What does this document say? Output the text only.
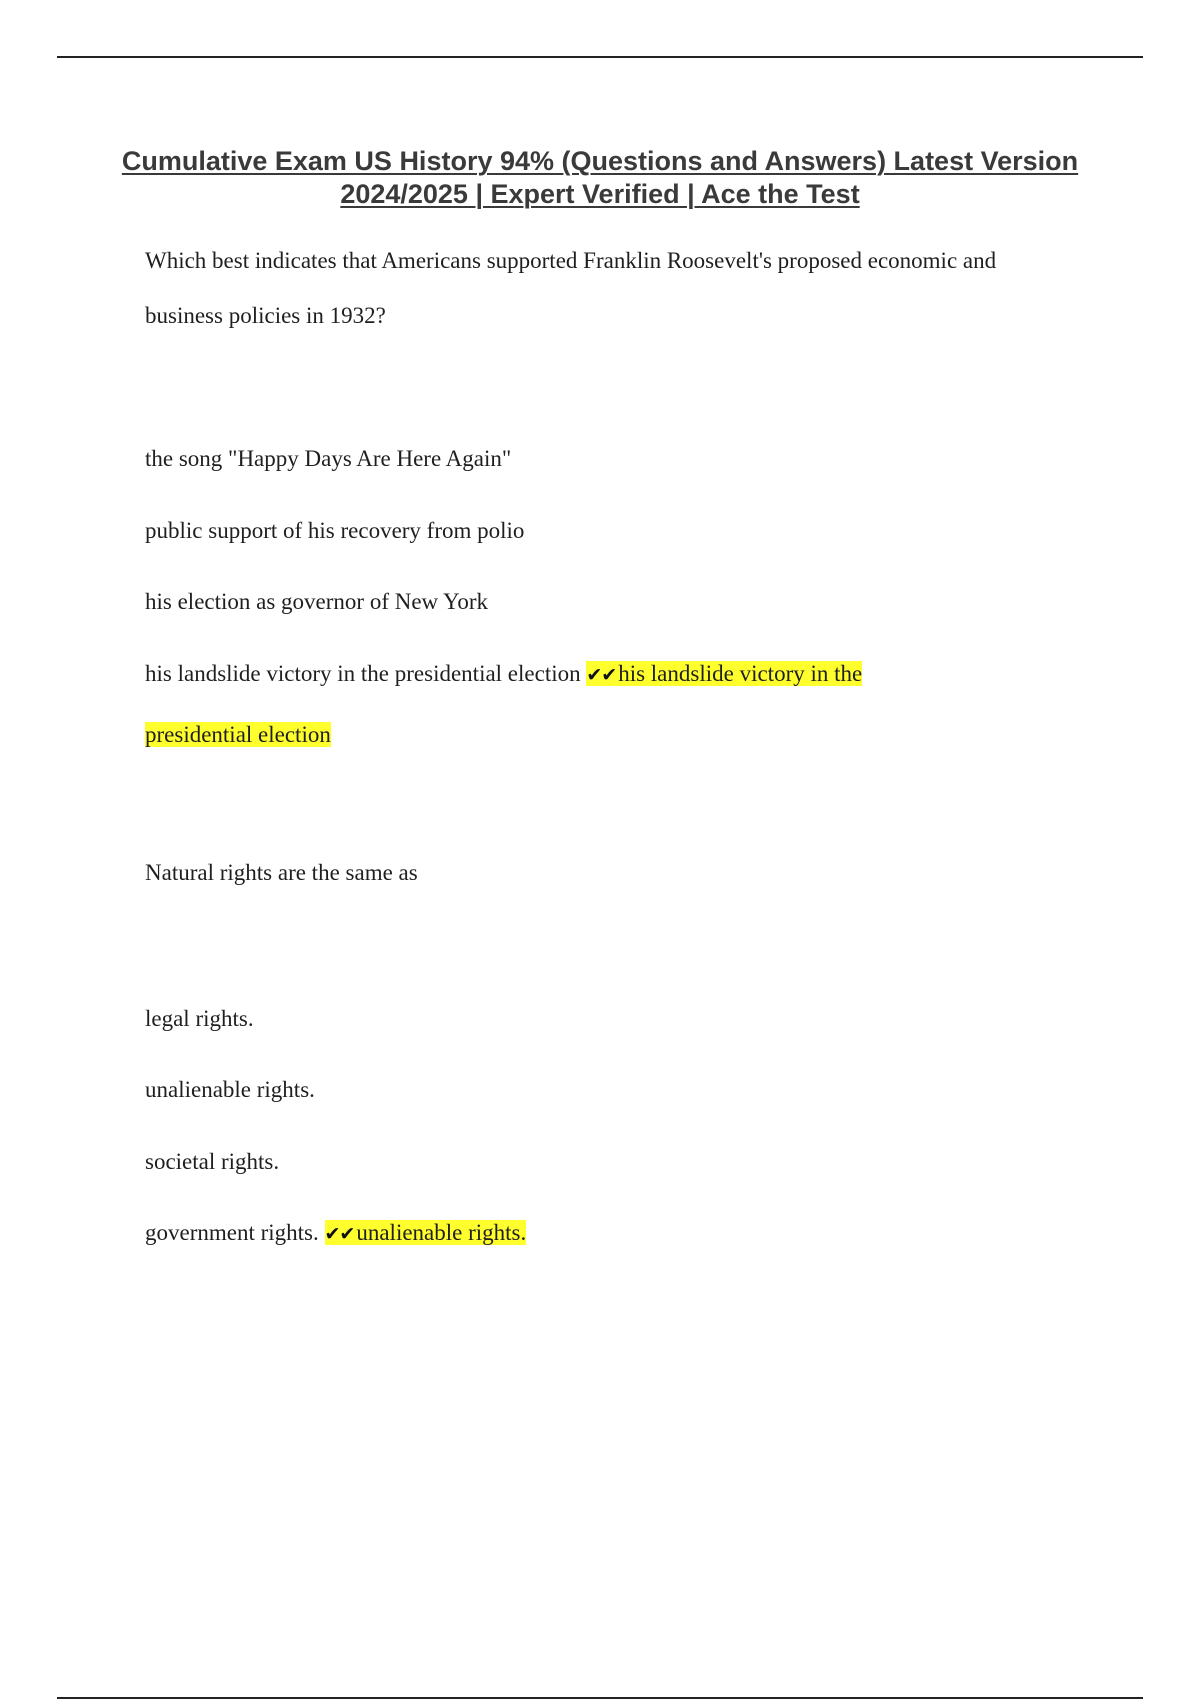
Cumulative Exam US History 94% (Questions and Answers) Latest Version 2024/2025 | Expert Verified | Ace the Test
Which best indicates that Americans supported Franklin Roosevelt's proposed economic and
business policies in 1932?
the song "Happy Days Are Here Again"
public support of his recovery from polio
his election as governor of New York
his landslide victory in the presidential election ✔✔his landslide victory in the
presidential election
Natural rights are the same as
legal rights.
unalienable rights.
societal rights.
government rights. ✔✔unalienable rights.
